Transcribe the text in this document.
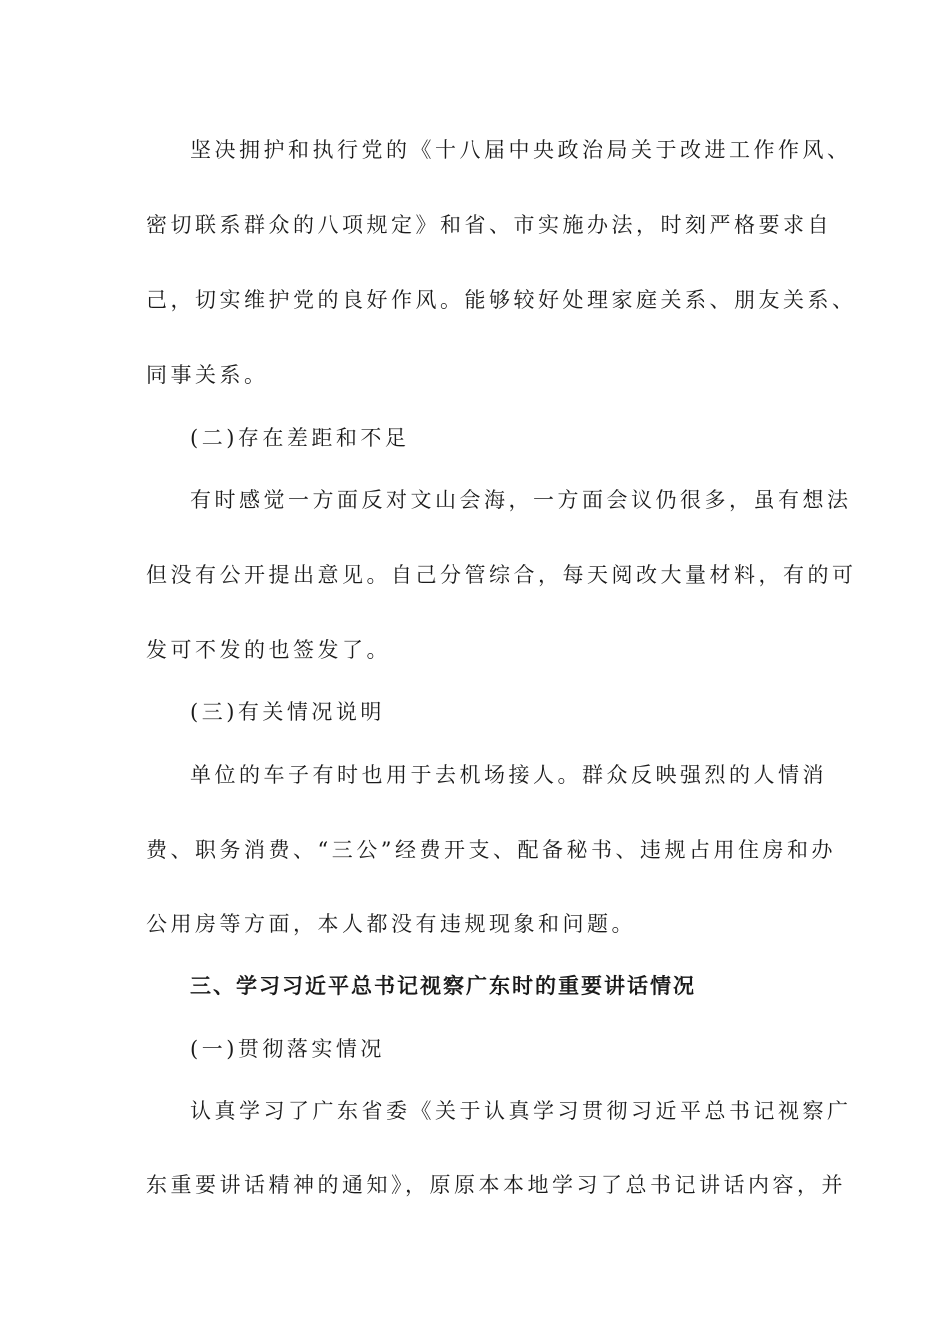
坚决拥护和执行党的《十八届中央政治局关于改进工作作风、
密切联系群众的八项规定》和省、市实施办法，时刻严格要求自
己，切实维护党的良好作风。能够较好处理家庭关系、朋友关系、
同事关系。
(二)存在差距和不足
有时感觉一方面反对文山会海，一方面会议仍很多，虽有想法
但没有公开提出意见。自己分管综合，每天阅改大量材料，有的可
发可不发的也签发了。
(三)有关情况说明
单位的车子有时也用于去机场接人。群众反映强烈的人情消
费、职务消费、“三公”经费开支、配备秘书、违规占用住房和办
公用房等方面，本人都没有违规现象和问题。
三、学习习近平总书记视察广东时的重要讲话情况
(一)贯彻落实情况
认真学习了广东省委《关于认真学习贯彻习近平总书记视察广
东重要讲话精神的通知》，原原本本地学习了总书记讲话内容，并
